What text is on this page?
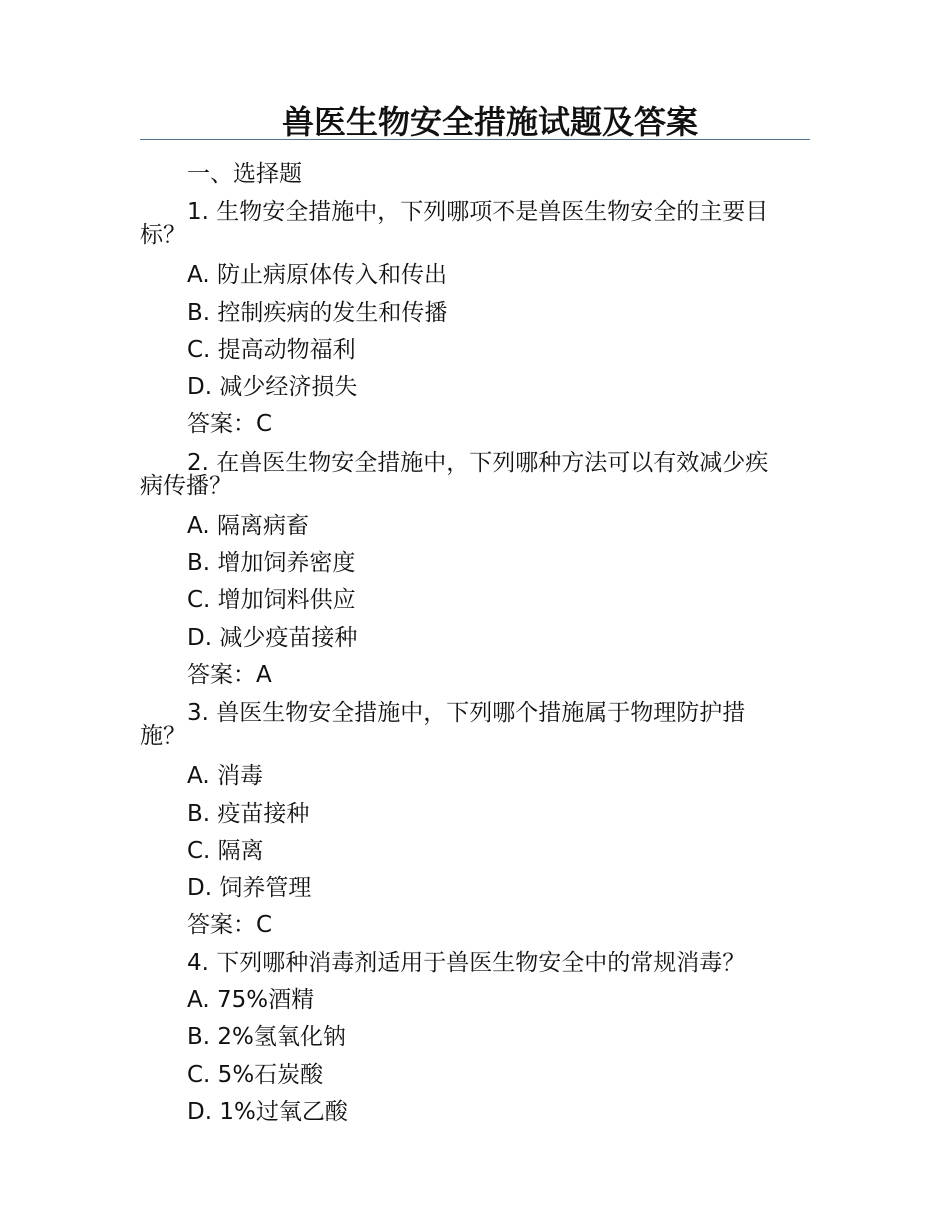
兽医生物安全措施试题及答案
一、选择题
1. 生物安全措施中，下列哪项不是兽医生物安全的主要目
标？
A. 防止病原体传入和传出
B. 控制疾病的发生和传播
C. 提高动物福利
D. 减少经济损失
答案：C
2. 在兽医生物安全措施中，下列哪种方法可以有效减少疾
病传播？
A. 隔离病畜
B. 增加饲养密度
C. 增加饲料供应
D. 减少疫苗接种
答案：A
3. 兽医生物安全措施中，下列哪个措施属于物理防护措
施？
A. 消毒
B. 疫苗接种
C. 隔离
D. 饲养管理
答案：C
4. 下列哪种消毒剂适用于兽医生物安全中的常规消毒？
A. 75%酒精
B. 2%氢氧化钠
C. 5%石炭酸
D. 1%过氧乙酸
